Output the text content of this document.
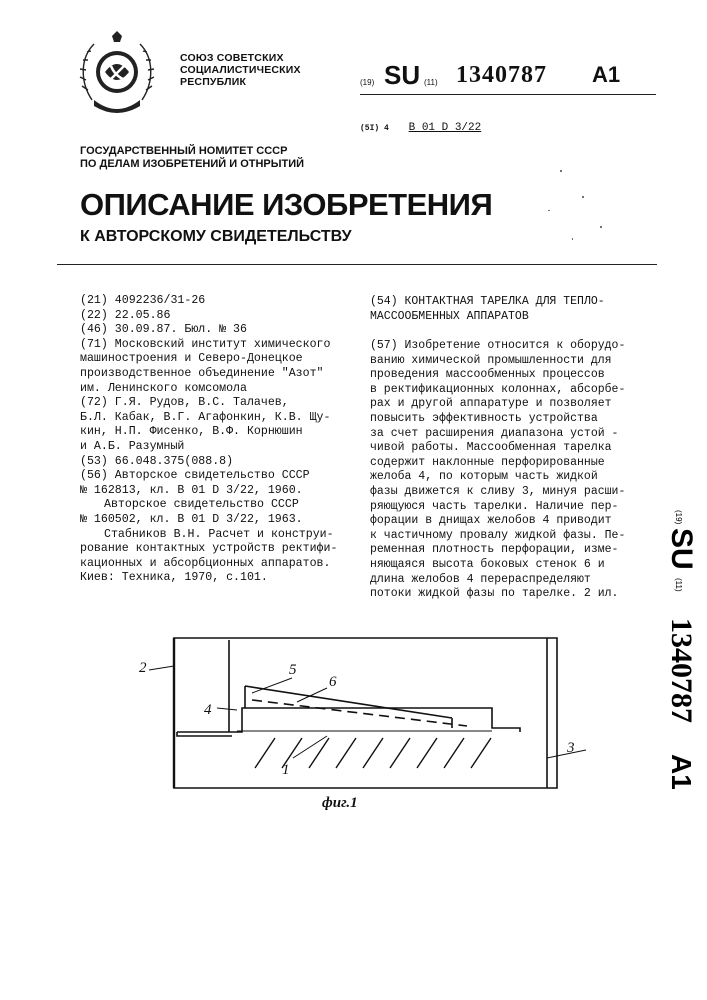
СОЮЗ СОВЕТСКИХ
СОЦИАЛИСТИЧЕСКИХ
РЕСПУБЛИК	(19) SU (11) 1340787 A1
(5I) 4 B 01 D 3/22
ГОСУДАРСТВЕННЫЙ НОМИТЕТ СССР
ПО ДЕЛАМ ИЗОБРЕТЕНИЙ И ОТНРЫТИЙ
ОПИСАНИЕ ИЗОБРЕТЕНИЯ
К АВТОРСКОМУ СВИДЕТЕЛЬСТВУ
(21) 4092236/31-26
(22) 22.05.86
(46) 30.09.87. Бюл. № 36
(71) Московский институт химического
машиностроения и Северо-Донецкое
производственное объединение "Азот"
им. Ленинского комсомола
(72) Г.Я. Рудов, В.С. Талачев,
Б.Л. Кабак, В.Г. Агафонкин, К.В. Щу-
кин, Н.П. Фисенко, В.Ф. Корнюшин
и А.Б. Разумный
(53) 66.048.375(088.8)
(56) Авторское свидетельство СССР
№ 162813, кл. B 01 D 3/22, 1960.
Авторское свидетельство СССР
№ 160502, кл. B 01 D 3/22, 1963.
Стабников В.Н. Расчет и конструи-
рование контактных устройств ректифи-
кационных и абсорбционных аппаратов.
Киев: Техника, 1970, с.101.
(54) КОНТАКТНАЯ ТАРЕЛКА ДЛЯ ТЕПЛО-
МАССООБМЕННЫХ АППАРАТОВ
(57) Изобретение относится к оборудо-
ванию химической промышленности для
проведения массообменных процессов
в ректификационных колоннах, абсорбе-
рах и другой аппаратуре и позволяет
повысить эффективность устройства
за счет расширения диапазона устой -
чивой работы. Массообменная тарелка
содержит наклонные перфорированные
желоба 4, по которым часть жидкой
фазы движется к сливу 3, минуя расши-
ряющуюся часть тарелки. Наличие пер-
форации в днищах желобов 4 приводит
к частичному провалу жидкой фазы. Пе-
ременная плотность перфорации, изме-
няющаяся высота боковых стенок 6 и
длина желобов 4 перераспределяют
потоки жидкой фазы по тарелке. 2 ил.
(19)
SU
(11)
1340787
A1
2	5
6
4
3
1
фиг.1
